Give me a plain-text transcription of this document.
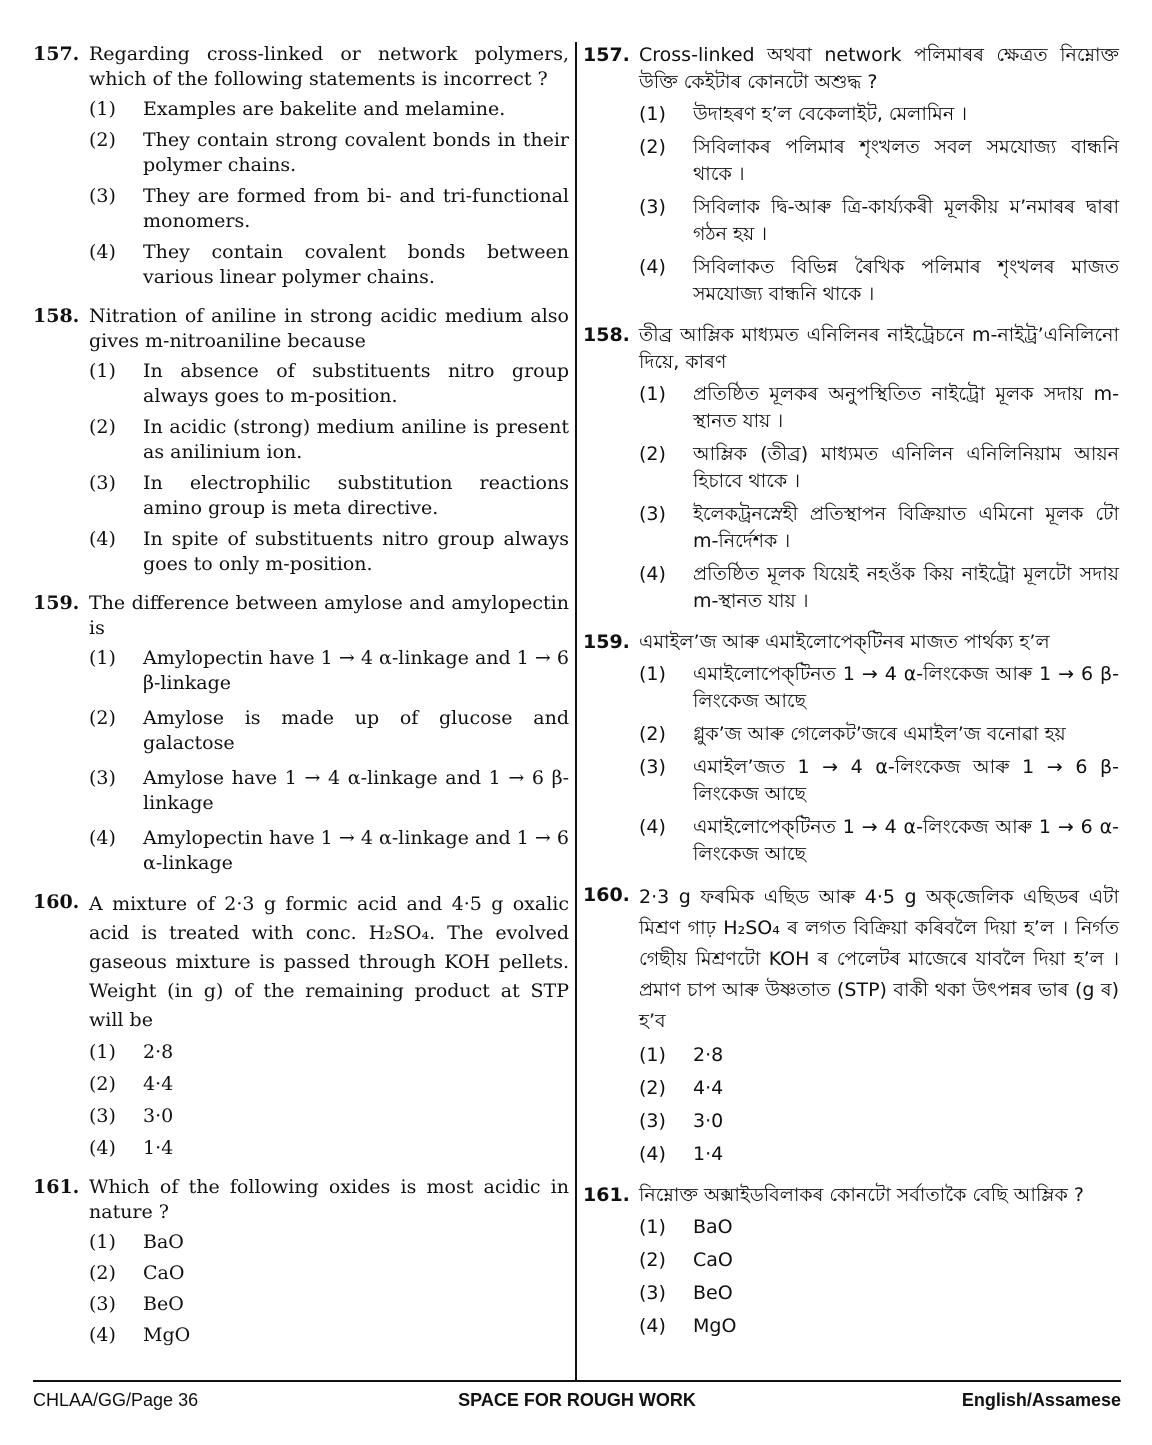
157. Regarding cross-linked or network polymers, which of the following statements is incorrect ?
(1) Examples are bakelite and melamine.
(2) They contain strong covalent bonds in their polymer chains.
(3) They are formed from bi- and tri-functional monomers.
(4) They contain covalent bonds between various linear polymer chains.
158. Nitration of aniline in strong acidic medium also gives m-nitroaniline because
(1) In absence of substituents nitro group always goes to m-position.
(2) In acidic (strong) medium aniline is present as anilinium ion.
(3) In electrophilic substitution reactions amino group is meta directive.
(4) In spite of substituents nitro group always goes to only m-position.
159. The difference between amylose and amylopectin is
(1) Amylopectin have 1 → 4 α-linkage and 1 → 6 β-linkage
(2) Amylose is made up of glucose and galactose
(3) Amylose have 1 → 4 α-linkage and 1 → 6 β-linkage
(4) Amylopectin have 1 → 4 α-linkage and 1 → 6 α-linkage
160. A mixture of 2·3 g formic acid and 4·5 g oxalic acid is treated with conc. H₂SO₄. The evolved gaseous mixture is passed through KOH pellets. Weight (in g) of the remaining product at STP will be
(1) 2·8
(2) 4·4
(3) 3·0
(4) 1·4
161. Which of the following oxides is most acidic in nature ?
(1) BaO
(2) CaO
(3) BeO
(4) MgO
157. Cross-linked অথবা network পলিমাৰৰ ক্ষেত্ৰত নিম্নোক্ত উক্তি কেইটাৰ কোনটো অশুদ্ধ ?
(1) উদাহৰণ হ’ল বেকেলাইট, মেলামিন ।
(2) সিবিলাকৰ পলিমাৰ শৃংখলত সবল সমযোজ্য বান্ধনি থাকে ।
(3) সিবিলাক দ্বি-আৰু ত্ৰি-কাৰ্য্যকৰী মূলকীয় ম’নমাৰৰ দ্বাৰা গঠন হয় ।
(4) সিবিলাকত বিভিন্ন ৰৈখিক পলিমাৰ শৃংখলৰ মাজত সমযোজ্য বান্ধনি থাকে ।
158. তীব্ৰ আম্লিক মাধ্যমত এনিলিনৰ নাইট্ৰেচনে m-নাইট্ৰ’এনিলিনো দিয়ে, কাৰণ
(1) প্ৰতিষ্ঠিত মূলকৰ অনুপস্থিতিত নাইট্ৰো মূলক সদায় m-স্থানত যায় ।
(2) আম্লিক (তীব্ৰ) মাধ্যমত এনিলিন এনিলিনিয়াম আয়ন হিচাবে থাকে ।
(3) ইলেকট্ৰনস্নেহী প্ৰতিস্থাপন বিক্ৰিয়াত এমিনো মূলক টো m-নিৰ্দেশক ।
(4) প্ৰতিষ্ঠিত মূলক যিয়েই নহওঁক কিয় নাইট্ৰো মূলটো সদায় m-স্থানত যায় ।
159. এমাইল’জ আৰু এমাইলোপেক্‌টিনৰ মাজত পাৰ্থক্য হ’ল
(1) এমাইলোপেক্‌টিনত 1 → 4 α-লিংকেজ আৰু 1 → 6 β-লিংকেজ আছে
(2) গ্লুক’জ আৰু গেলেকট’জৰে এমাইল’জ বনোৱা হয়
(3) এমাইল’জত 1 → 4 α-লিংকেজ আৰু 1 → 6 β-লিংকেজ আছে
(4) এমাইলোপেক্‌টিনত 1 → 4 α-লিংকেজ আৰু 1 → 6 α-লিংকেজ আছে
160. 2·3 g ফৰমিক এছিড আৰু 4·5 g অক্‌জেলিক এছিডৰ এটা মিশ্ৰণ গাঢ় H₂SO₄ ৰ লগত বিক্ৰিয়া কৰিবলৈ দিয়া হ’ল । নিৰ্গত গেছীয় মিশ্ৰণটো KOH ৰ পেলেটৰ মাজেৰে যাবলৈ দিয়া হ’ল । প্ৰমাণ চাপ আৰু উষ্ণতাত (STP) বাকী থকা উৎপন্নৰ ভাৰ (g ৰ) হ’ব
(1) 2·8
(2) 4·4
(3) 3·0
(4) 1·4
161. নিম্নোক্ত অক্সাইডবিলাকৰ কোনটো সৰ্বাতাকৈ বেছি আম্লিক ?
(1) BaO
(2) CaO
(3) BeO
(4) MgO
SPACE FOR ROUGH WORK
CHLAA/GG/Page 36	English/Assamese
